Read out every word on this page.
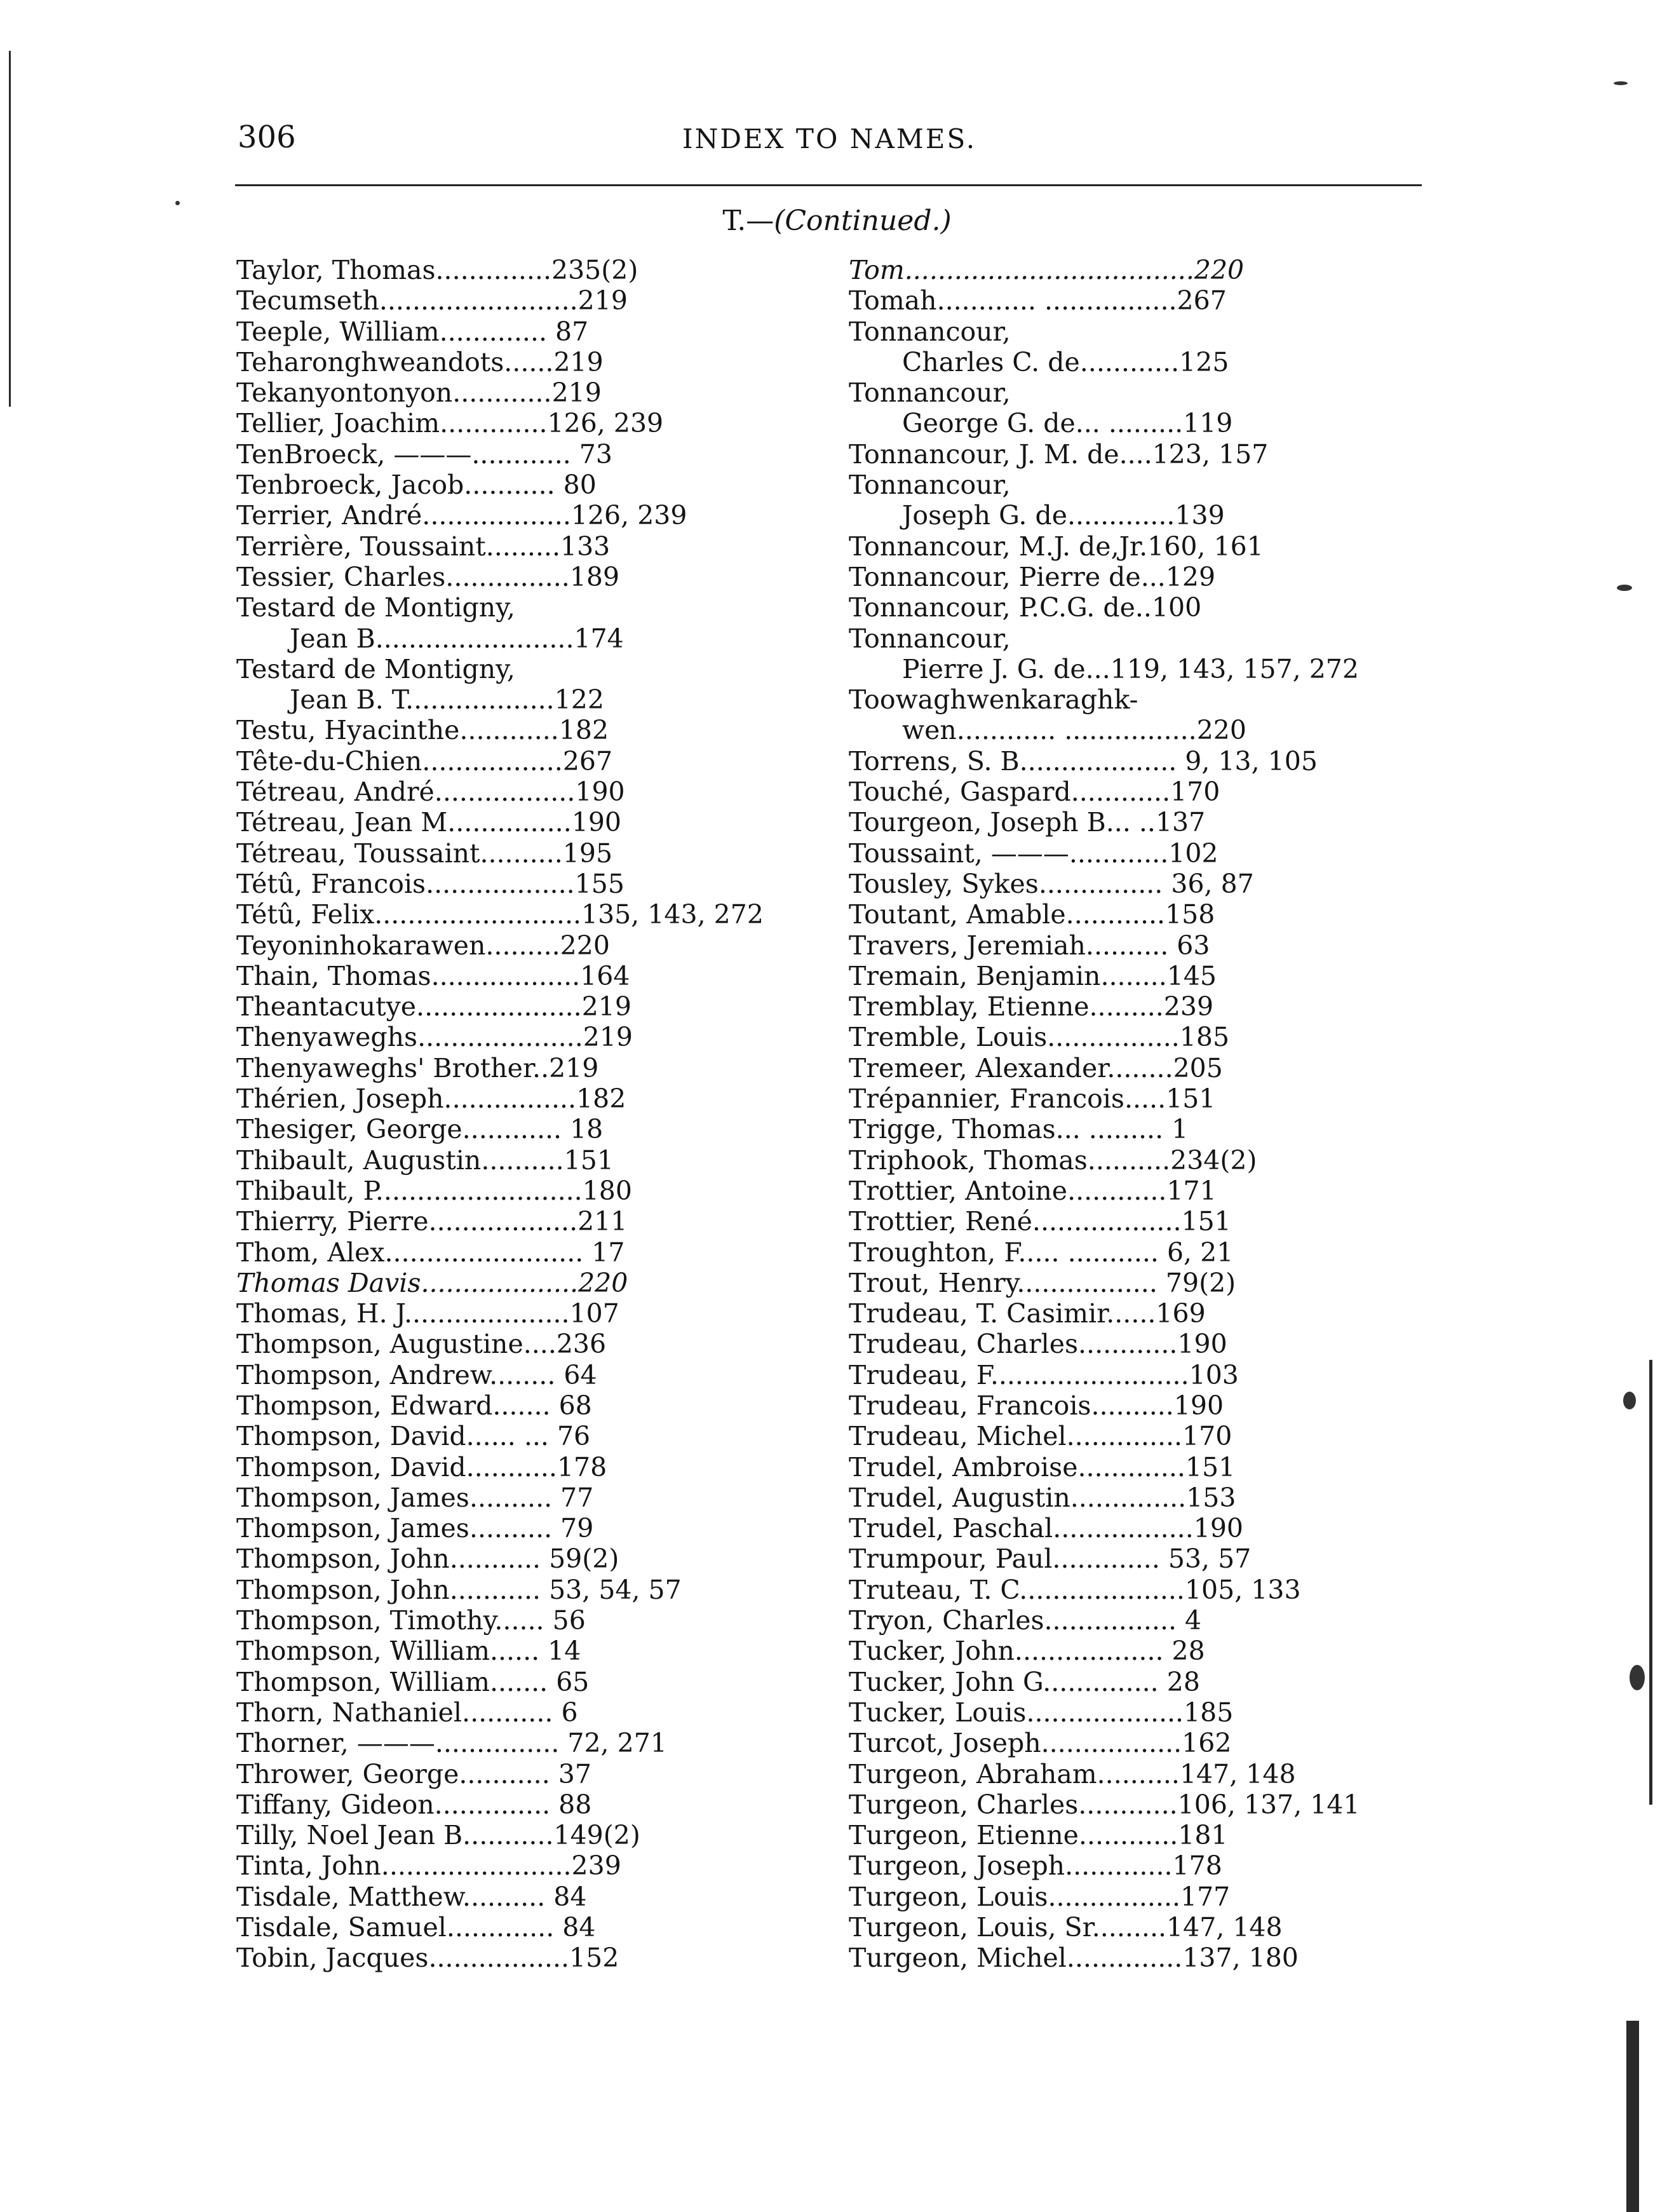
306	INDEX TO NAMES.
T.—(Continued.)
Taylor, Thomas..............235(2)
Tecumseth........................219
Teeple, William............. 87
Teharonghweandots......219
Tekanyontonyon............219
Tellier, Joachim.............126, 239
TenBroeck, ———............ 73
Tenbroeck, Jacob........... 80
Terrier, André..................126, 239
Terrière, Toussaint.........133
Tessier, Charles...............189
Testard de Montigny,
Jean B........................174
Testard de Montigny,
Jean B. T..................122
Testu, Hyacinthe............182
Tête-du-Chien.................267
Tétreau, André.................190
Tétreau, Jean M...............190
Tétreau, Toussaint..........195
Tétû, Francois..................155
Tétû, Felix.........................135, 143, 272
Teyoninhokarawen.........220
Thain, Thomas..................164
Theantacutye....................219
Thenyaweghs....................219
Thenyaweghs' Brother..219
Thérien, Joseph................182
Thesiger, George............ 18
Thibault, Augustin..........151
Thibault, P.........................180
Thierry, Pierre..................211
Thom, Alex........................ 17
Thomas Davis...................220
Thomas, H. J....................107
Thompson, Augustine....236
Thompson, Andrew........ 64
Thompson, Edward....... 68
Thompson, David...... ... 76
Thompson, David...........178
Thompson, James.......... 77
Thompson, James.......... 79
Thompson, John........... 59(2)
Thompson, John........... 53, 54, 57
Thompson, Timothy...... 56
Thompson, William...... 14
Thompson, William....... 65
Thorn, Nathaniel........... 6
Thorner, ———............... 72, 271
Thrower, George........... 37
Tiffany, Gideon.............. 88
Tilly, Noel Jean B...........149(2)
Tinta, John.......................239
Tisdale, Matthew.......... 84
Tisdale, Samuel............. 84
Tobin, Jacques.................152
Tom...................................220
Tomah............ ................267
Tonnancour,
Charles C. de............125
Tonnancour,
George G. de... .........119
Tonnancour, J. M. de....123, 157
Tonnancour,
Joseph G. de.............139
Tonnancour, M.J. de,Jr.160, 161
Tonnancour, Pierre de...129
Tonnancour, P.C.G. de..100
Tonnancour,
Pierre J. G. de...119, 143, 157, 272
Toowaghwenkaraghk-
wen............ ................220
Torrens, S. B................... 9, 13, 105
Touché, Gaspard............170
Tourgeon, Joseph B... ..137
Toussaint, ———............102
Tousley, Sykes............... 36, 87
Toutant, Amable............158
Travers, Jeremiah.......... 63
Tremain, Benjamin........145
Tremblay, Etienne.........239
Tremble, Louis................185
Tremeer, Alexander........205
Trépannier, Francois.....151
Trigge, Thomas... ......... 1
Triphook, Thomas..........234(2)
Trottier, Antoine............171
Trottier, René..................151
Troughton, F..... ........... 6, 21
Trout, Henry................. 79(2)
Trudeau, T. Casimir......169
Trudeau, Charles............190
Trudeau, F........................103
Trudeau, Francois..........190
Trudeau, Michel..............170
Trudel, Ambroise.............151
Trudel, Augustin..............153
Trudel, Paschal.................190
Trumpour, Paul............. 53, 57
Truteau, T. C....................105, 133
Tryon, Charles................ 4
Tucker, John.................. 28
Tucker, John G.............. 28
Tucker, Louis...................185
Turcot, Joseph.................162
Turgeon, Abraham..........147, 148
Turgeon, Charles............106, 137, 141
Turgeon, Etienne............181
Turgeon, Joseph.............178
Turgeon, Louis................177
Turgeon, Louis, Sr.........147, 148
Turgeon, Michel..............137, 180
